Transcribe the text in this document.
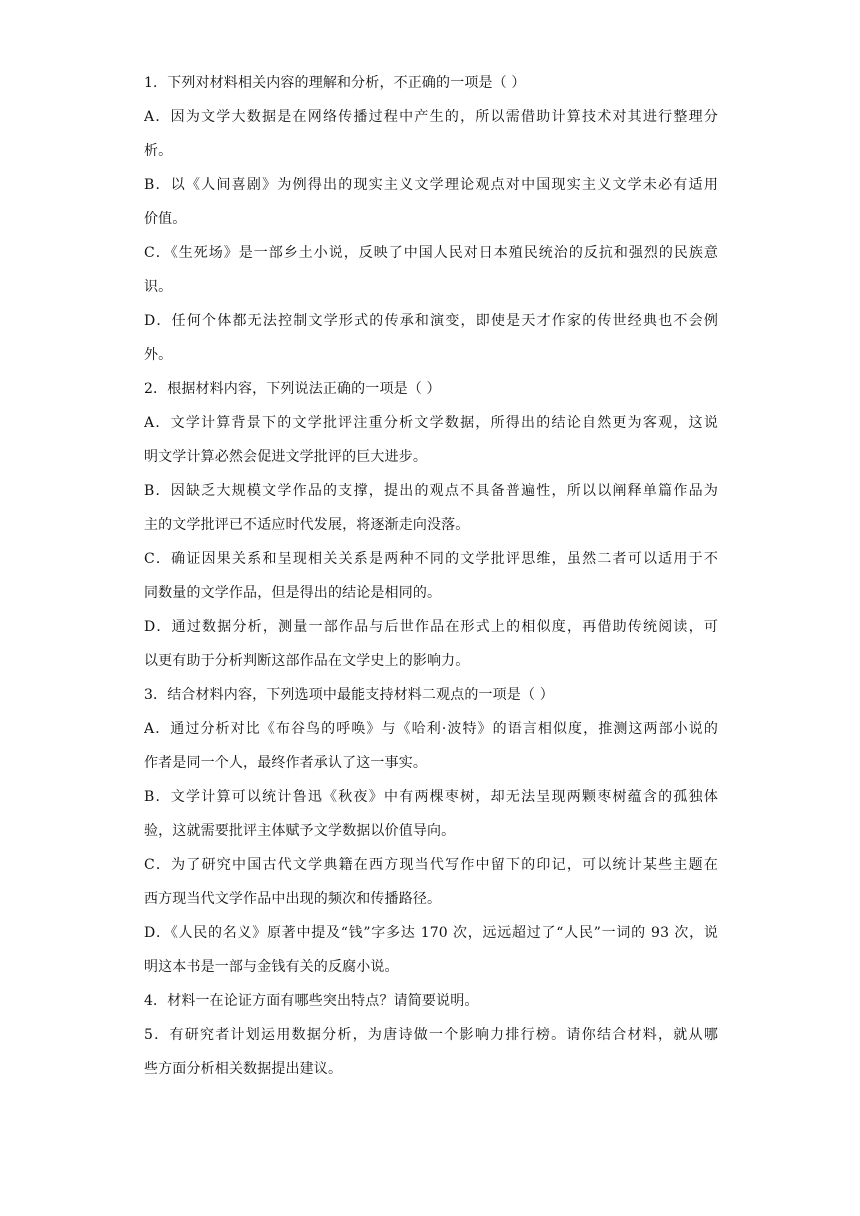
1．下列对材料相关内容的理解和分析，不正确的一项是（ ）
A．因为文学大数据是在网络传播过程中产生的，所以需借助计算技术对其进行整理分
析。
B．以《人间喜剧》为例得出的现实主义文学理论观点对中国现实主义文学未必有适用
价值。
C．《生死场》是一部乡土小说，反映了中国人民对日本殖民统治的反抗和强烈的民族意
识。
D．任何个体都无法控制文学形式的传承和演变，即使是天才作家的传世经典也不会例
外。
2．根据材料内容，下列说法正确的一项是（ ）
A．文学计算背景下的文学批评注重分析文学数据，所得出的结论自然更为客观，这说
明文学计算必然会促进文学批评的巨大进步。
B．因缺乏大规模文学作品的支撑，提出的观点不具备普遍性，所以以阐释单篇作品为
主的文学批评已不适应时代发展，将逐渐走向没落。
C．确证因果关系和呈现相关关系是两种不同的文学批评思维，虽然二者可以适用于不
同数量的文学作品，但是得出的结论是相同的。
D．通过数据分析，测量一部作品与后世作品在形式上的相似度，再借助传统阅读，可
以更有助于分析判断这部作品在文学史上的影响力。
3．结合材料内容，下列选项中最能支持材料二观点的一项是（ ）
A．通过分析对比《布谷鸟的呼唤》与《哈利·波特》的语言相似度，推测这两部小说的
作者是同一个人，最终作者承认了这一事实。
B．文学计算可以统计鲁迅《秋夜》中有两棵枣树，却无法呈现两颗枣树蕴含的孤独体
验，这就需要批评主体赋予文学数据以价值导向。
C．为了研究中国古代文学典籍在西方现当代写作中留下的印记，可以统计某些主题在
西方现当代文学作品中出现的频次和传播路径。
D．《人民的名义》原著中提及“钱”字多达 170 次，远远超过了“人民”一词的 93 次，说
明这本书是一部与金钱有关的反腐小说。
4．材料一在论证方面有哪些突出特点？请简要说明。
5．有研究者计划运用数据分析，为唐诗做一个影响力排行榜。请你结合材料，就从哪
些方面分析相关数据提出建议。
